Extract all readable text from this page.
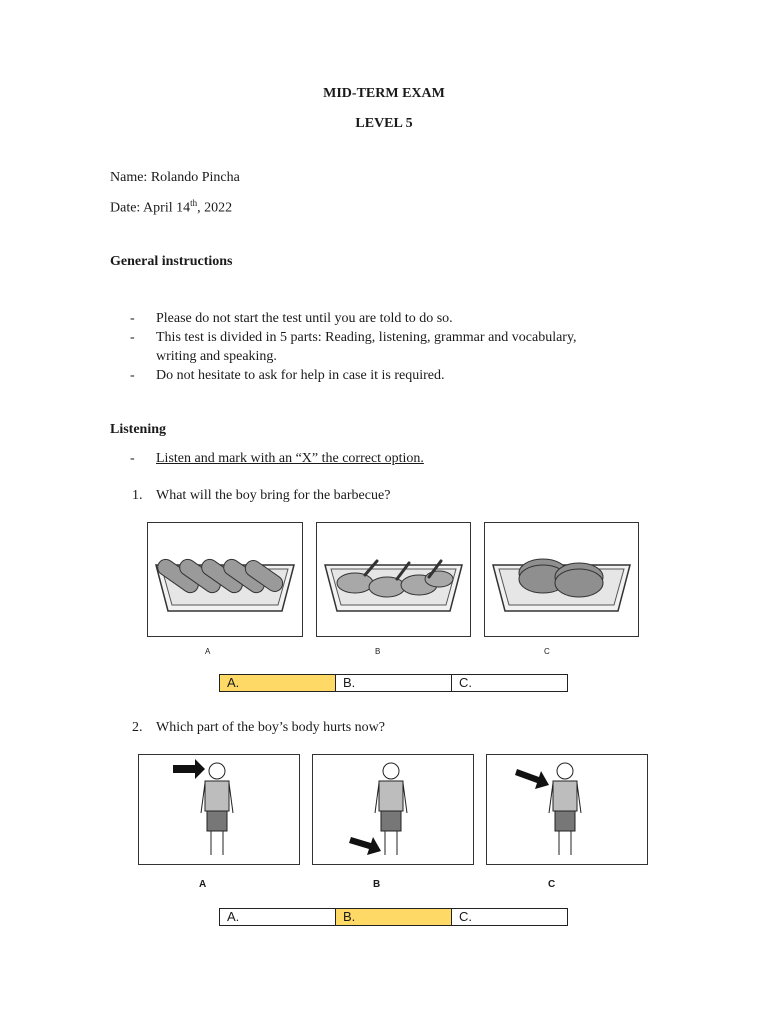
MID-TERM EXAM
LEVEL 5
Name: Rolando Pincha
Date: April 14th, 2022
General instructions
-	Please do not start the test until you are told to do so.
-	This test is divided in 5 parts: Reading, listening, grammar and vocabulary,
writing and speaking.
-	Do not hesitate to ask for help in case it is required.
Listening
-	Listen and mark with an “X” the correct option.
1. What will the boy bring for the barbecue?
A	B	C
A.	B.	C.
2. Which part of the boy’s body hurts now?
A	B	C
A.	B.	C.
